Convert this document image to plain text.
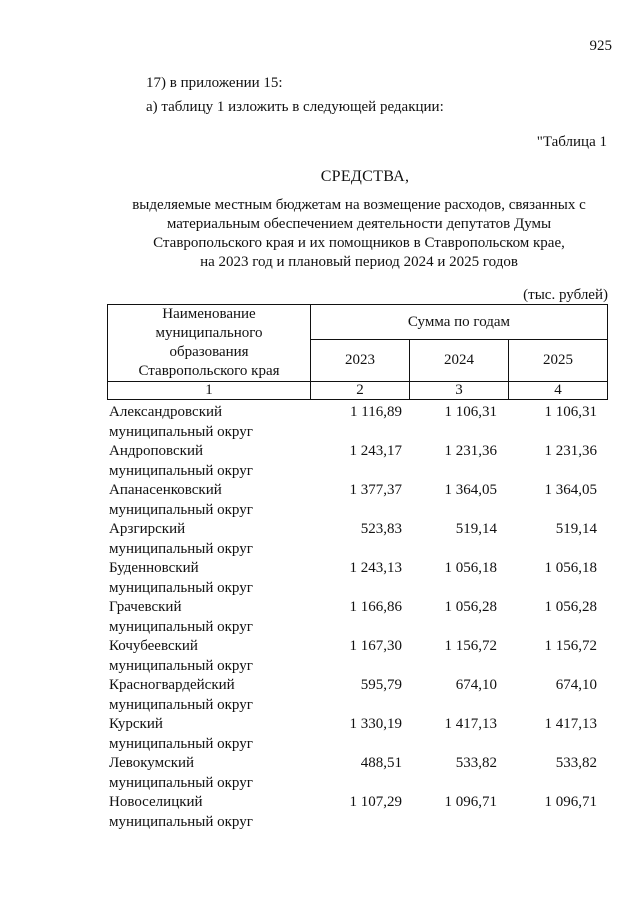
925
17) в приложении 15:
а) таблицу 1 изложить в следующей редакции:
"Таблица 1
СРЕДСТВА,
выделяемые местным бюджетам на возмещение расходов, связанных с
материальным обеспечением деятельности депутатов Думы
Ставропольского края и их помощников в Ставропольском крае,
на 2023 год и плановый период 2024 и 2025 годов
(тыс. рублей)
Наименование
муниципального
образования
Ставропольского края	Сумма по годам		
	2023	2024	2025
1	2	3	4
Александровский
муниципальный округ
1 116,89	1 106,31	1 106,31
Андроповский
муниципальный округ
1 243,17	1 231,36	1 231,36
Апанасенковский
муниципальный округ
1 377,37	1 364,05	1 364,05
Арзгирский
муниципальный округ
523,83	519,14	519,14
Буденновский
муниципальный округ
1 243,13	1 056,18	1 056,18
Грачевский
муниципальный округ
1 166,86	1 056,28	1 056,28
Кочубеевский
муниципальный округ
1 167,30	1 156,72	1 156,72
Красногвардейский
муниципальный округ
595,79	674,10	674,10
Курский
муниципальный округ
1 330,19	1 417,13	1 417,13
Левокумский
муниципальный округ
488,51	533,82	533,82
Новоселицкий
муниципальный округ
1 107,29	1 096,71	1 096,71
